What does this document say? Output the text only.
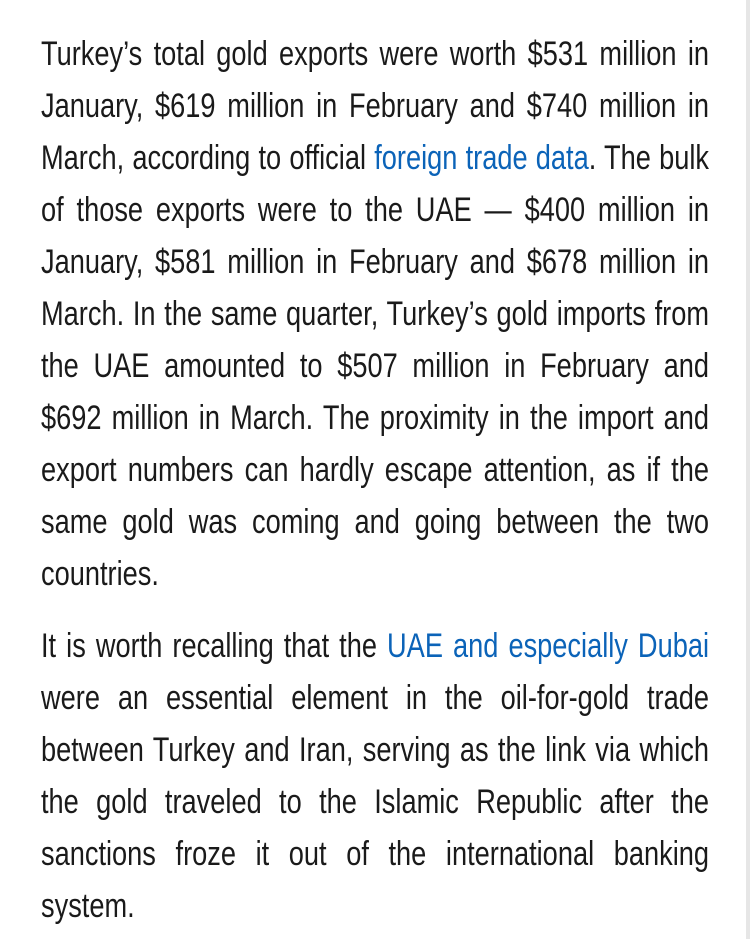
Turkey’s total gold exports were worth $531 million in January, $619 million in February and $740 million in March, according to official foreign trade data. The bulk of those exports were to the UAE — $400 million in January, $581 million in February and $678 million in March. In the same quarter, Turkey’s gold imports from the UAE amounted to $507 million in February and $692 million in March. The proximity in the import and export numbers can hardly escape attention, as if the same gold was coming and going between the two countries.

It is worth recalling that the UAE and especially Dubai were an essential element in the oil-for-gold trade between Turkey and Iran, serving as the link via which the gold traveled to the Islamic Republic after the sanctions froze it out of the international banking system.
